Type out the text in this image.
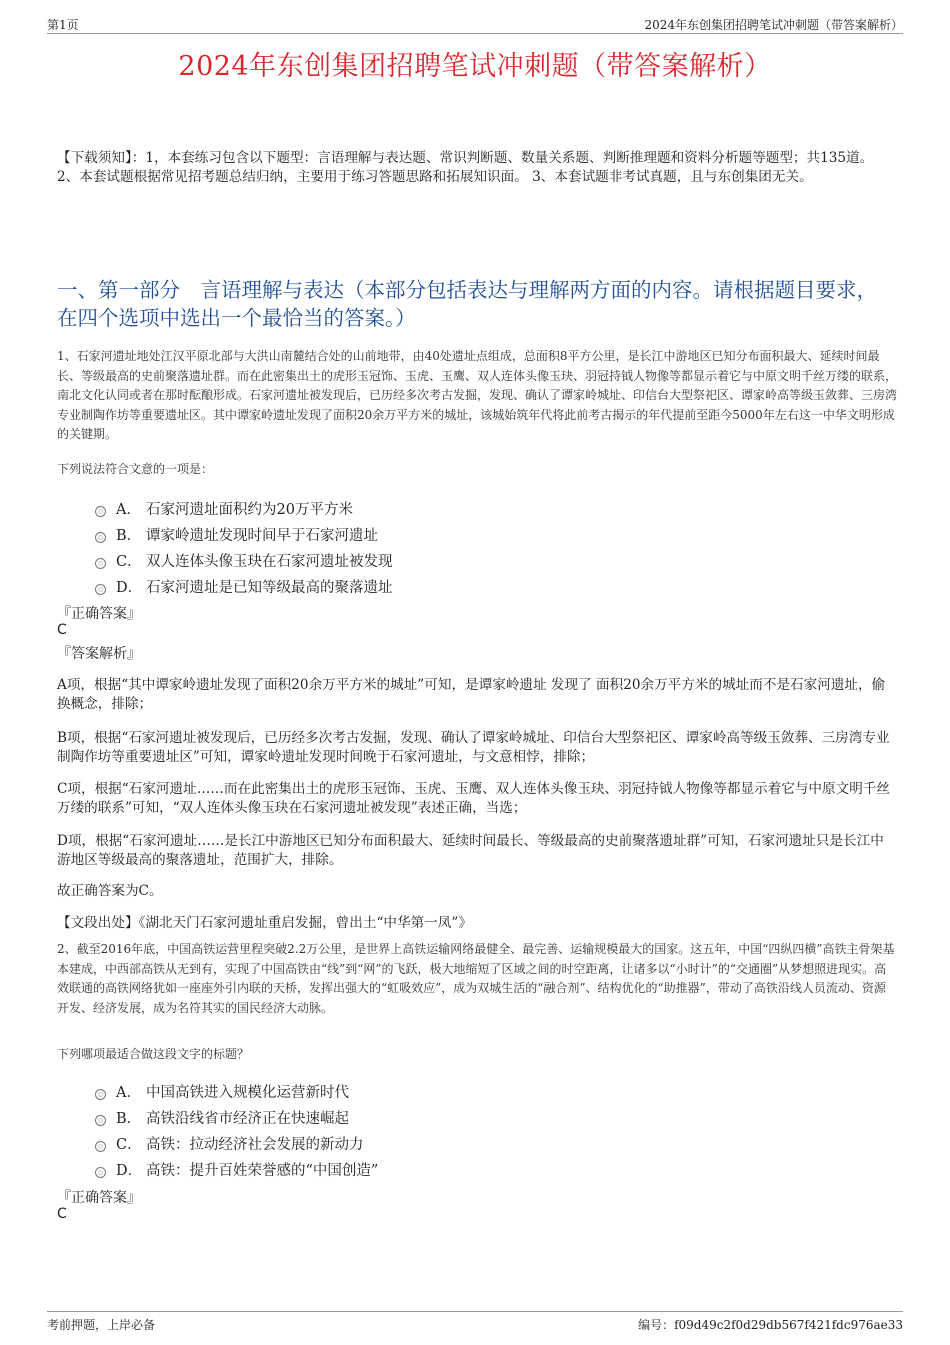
第1页	2024年东创集团招聘笔试冲刺题（带答案解析）
2024年东创集团招聘笔试冲刺题（带答案解析）
【下载须知】：1，本套练习包含以下题型：言语理解与表达题、常识判断题、数量关系题、判断推理题和资料分析题等题型；共135道。 2、本套试题根据常见招考题总结归纳，主要用于练习答题思路和拓展知识面。 3、本套试题非考试真题，且与东创集团无关。
一、第一部分　言语理解与表达（本部分包括表达与理解两方面的内容。请根据题目要求，在四个选项中选出一个最恰当的答案。）
1、石家河遗址地处江汉平原北部与大洪山南麓结合处的山前地带，由40处遗址点组成，总面积8平方公里，是长江中游地区已知分布面积最大、延续时间最长、等级最高的史前聚落遗址群。而在此密集出土的虎形玉冠饰、玉虎、玉鹰、双人连体头像玉玦、羽冠持钺人物像等都显示着它与中原文明千丝万缕的联系，南北文化认同或者在那时酝酿形成。石家河遗址被发现后，已历经多次考古发掘，发现、确认了谭家岭城址、印信台大型祭祀区、谭家岭高等级玉敛葬、三房湾专业制陶作坊等重要遗址区。其中谭家岭遗址发现了面积20余万平方米的城址，该城始筑年代将此前考古揭示的年代提前至距今5000年左右这一中华文明形成的关键期。
下列说法符合文意的一项是：
A． 石家河遗址面积约为20万平方米
B． 谭家岭遗址发现时间早于石家河遗址
C． 双人连体头像玉玦在石家河遗址被发现
D． 石家河遗址是已知等级最高的聚落遗址
『正确答案』
C
『答案解析』
A项，根据“其中谭家岭遗址发现了面积20余万平方米的城址”可知，是谭家岭遗址 发现了 面积20余万平方米的城址而不是石家河遗址，偷换概念，排除；
B项，根据“石家河遗址被发现后，已历经多次考古发掘，发现、确认了谭家岭城址、印信台大型祭祀区、谭家岭高等级玉敛葬、三房湾专业制陶作坊等重要遗址区”可知，谭家岭遗址发现时间晚于石家河遗址，与文意相悖，排除；
C项，根据“石家河遗址……而在此密集出土的虎形玉冠饰、玉虎、玉鹰、双人连体头像玉玦、羽冠持钺人物像等都显示着它与中原文明千丝万缕的联系”可知，“双人连体头像玉玦在石家河遗址被发现”表述正确，当选；
D项，根据“石家河遗址……是长江中游地区已知分布面积最大、延续时间最长、等级最高的史前聚落遗址群”可知，石家河遗址只是长江中游地区等级最高的聚落遗址，范围扩大，排除。
故正确答案为C。
【文段出处】《湖北天门石家河遗址重启发掘，曾出土“中华第一凤”》
2、截至2016年底，中国高铁运营里程突破2.2万公里，是世界上高铁运输网络最健全、最完善、运输规模最大的国家。这五年，中国“四纵四横”高铁主骨架基本建成，中西部高铁从无到有，实现了中国高铁由“线”到“网”的飞跃，极大地缩短了区域之间的时空距离，让诸多以“小时计”的“交通圈”从梦想照进现实。高效联通的高铁网络犹如一座座外引内联的天桥，发挥出强大的“虹吸效应”，成为双城生活的“融合剂”、结构优化的“助推器”，带动了高铁沿线人员流动、资源开发、经济发展，成为名符其实的国民经济大动脉。
下列哪项最适合做这段文字的标题？
A． 中国高铁进入规模化运营新时代
B． 高铁沿线省市经济正在快速崛起
C． 高铁：拉动经济社会发展的新动力
D． 高铁：提升百姓荣誉感的“中国创造”
『正确答案』
C
考前押题，上岸必备	编号：f09d49c2f0d29db567f421fdc976ae33
